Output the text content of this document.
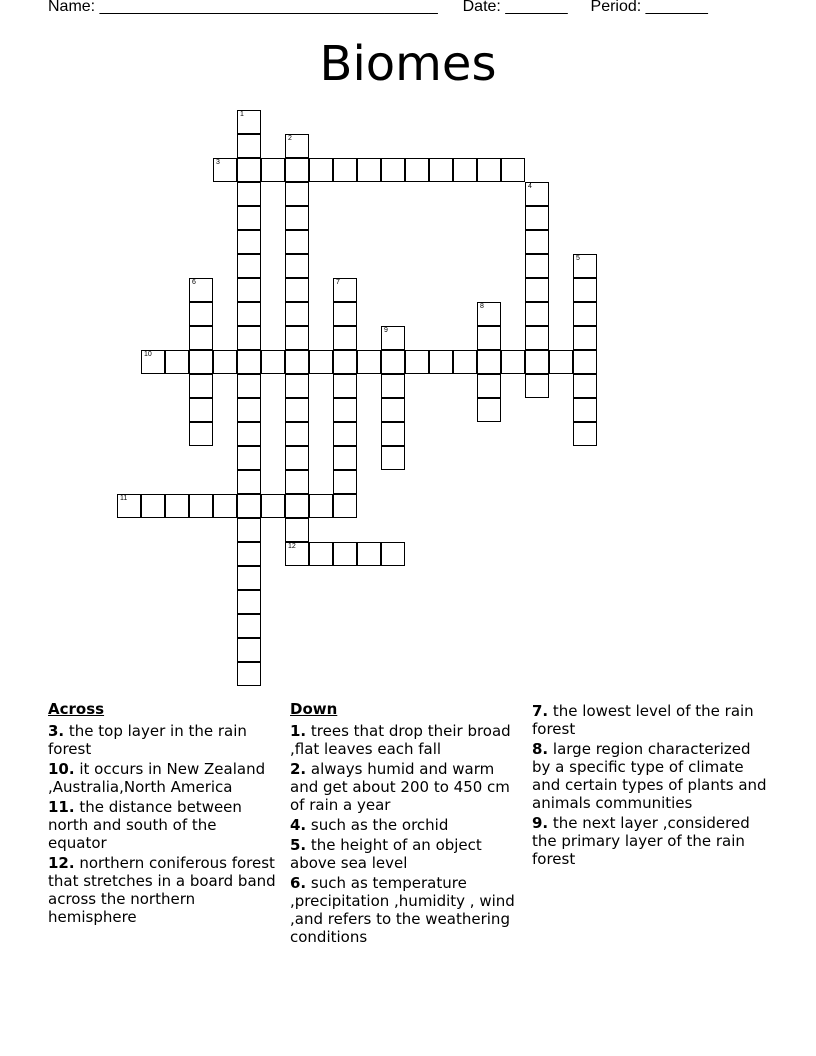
Name: ______________________________________ Date: _______ Period: _______
Biomes
1
2
12
3
4
5
6	7
8
9
10
11
Across
3. the top layer in the rain forest
10. it occurs in New Zealand ,Australia,North America
11. the distance between north and south of the equator
12. northern coniferous forest that stretches in a board band across the northern hemisphere
Down
1. trees that drop their broad ,flat leaves each fall
2. always humid and warm and get about 200 to 450 cm of rain a year
4. such as the orchid
5. the height of an object above sea level
6. such as temperature ,precipitation ,humidity , wind ,and refers to the weathering conditions
7. the lowest level of the rain forest
8. large region characterized by a specific type of climate and certain types of plants and animals communities
9. the next layer ,considered the primary layer of the rain forest
